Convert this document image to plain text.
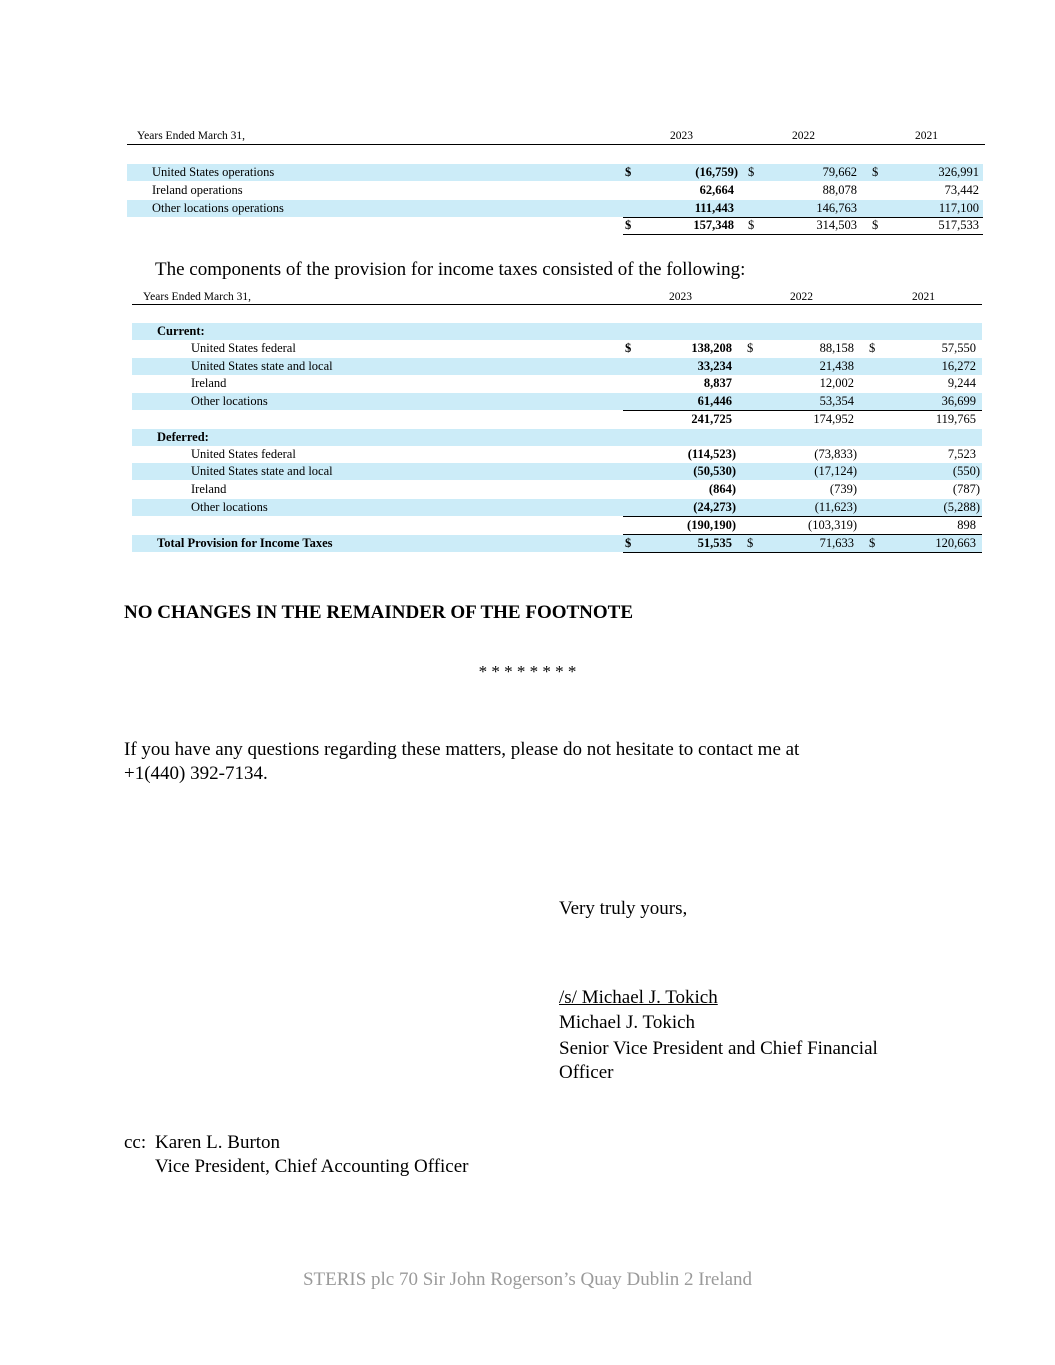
Years Ended March 31,	2023	2022	2021
United States operations	$	(16,759) $	79,662 $	326,991
Ireland operations	62,664	88,078	73,442
Other locations operations	111,443	146,763	117,100
$	157,348 $	314,503 $	517,533
The components of the provision for income taxes consisted of the following:
Years Ended March 31,	2023	2022	2021
Current:
United States federal	$	138,208 $	88,158 $	57,550
United States state and local	33,234	21,438	16,272
Ireland	8,837	12,002	9,244
Other locations	61,446	53,354	36,699
241,725	174,952	119,765
Deferred:
United States federal	(114,523)	(73,833)	7,523
United States state and local	(50,530)	(17,124)	(550)
Ireland	(864)	(739)	(787)
Other locations	(24,273)	(11,623)	(5,288)
(190,190)	(103,319)	898
Total Provision for Income Taxes	$	51,535 $	71,633 $	120,663
NO CHANGES IN THE REMAINDER OF THE FOOTNOTE
* * * * * * * *
If you have any questions regarding these matters, please do not hesitate to contact me at
+1(440) 392-7134.
Very truly yours,
/s/ Michael J. Tokich
Michael J. Tokich
Senior Vice President and Chief Financial
Officer
cc: Karen L. Burton
Vice President, Chief Accounting Officer
STERIS plc 70 Sir John Rogerson’s Quay Dublin 2 Ireland
